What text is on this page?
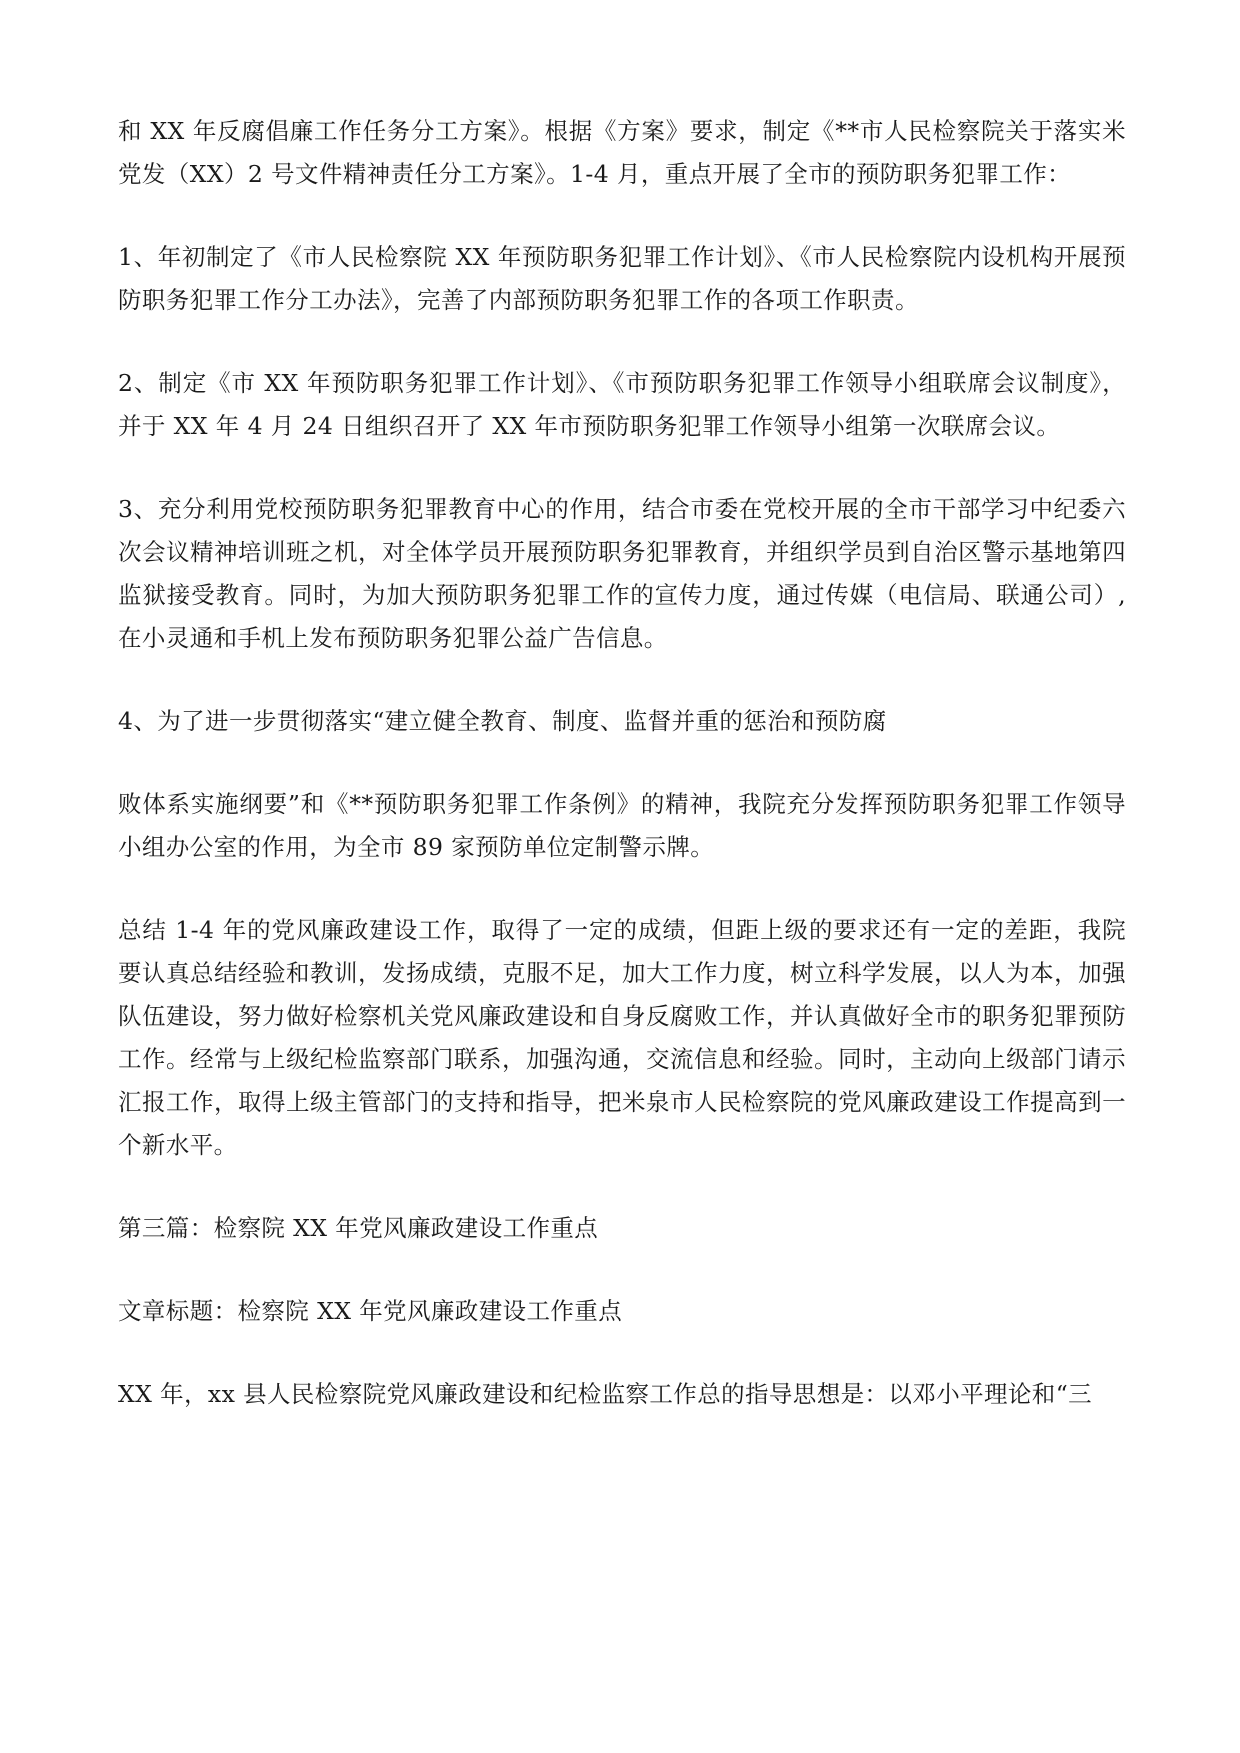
和 XX 年反腐倡廉工作任务分工方案》。根据《方案》要求，制定《**市人民检察院关于落实米党发（XX）2 号文件精神责任分工方案》。1-4 月，重点开展了全市的预防职务犯罪工作：

1、年初制定了《市人民检察院 XX 年预防职务犯罪工作计划》、《市人民检察院内设机构开展预防职务犯罪工作分工办法》，完善了内部预防职务犯罪工作的各项工作职责。

2、制定《市 XX 年预防职务犯罪工作计划》、《市预防职务犯罪工作领导小组联席会议制度》，并于 XX 年 4 月 24 日组织召开了 XX 年市预防职务犯罪工作领导小组第一次联席会议。

3、充分利用党校预防职务犯罪教育中心的作用，结合市委在党校开展的全市干部学习中纪委六次会议精神培训班之机，对全体学员开展预防职务犯罪教育，并组织学员到自治区警示基地第四监狱接受教育。同时，为加大预防职务犯罪工作的宣传力度，通过传媒（电信局、联通公司）,在小灵通和手机上发布预防职务犯罪公益广告信息。

4、为了进一步贯彻落实“建立健全教育、制度、监督并重的惩治和预防腐

败体系实施纲要”和《**预防职务犯罪工作条例》的精神，我院充分发挥预防职务犯罪工作领导小组办公室的作用，为全市 89 家预防单位定制警示牌。

总结 1-4 年的党风廉政建设工作，取得了一定的成绩，但距上级的要求还有一定的差距，我院要认真总结经验和教训，发扬成绩，克服不足，加大工作力度，树立科学发展，以人为本，加强队伍建设，努力做好检察机关党风廉政建设和自身反腐败工作，并认真做好全市的职务犯罪预防工作。经常与上级纪检监察部门联系，加强沟通，交流信息和经验。同时，主动向上级部门请示汇报工作，取得上级主管部门的支持和指导，把米泉市人民检察院的党风廉政建设工作提高到一个新水平。

第三篇：检察院 XX 年党风廉政建设工作重点

文章标题：检察院 XX 年党风廉政建设工作重点

XX 年，xx 县人民检察院党风廉政建设和纪检监察工作总的指导思想是：以邓小平理论和“三
